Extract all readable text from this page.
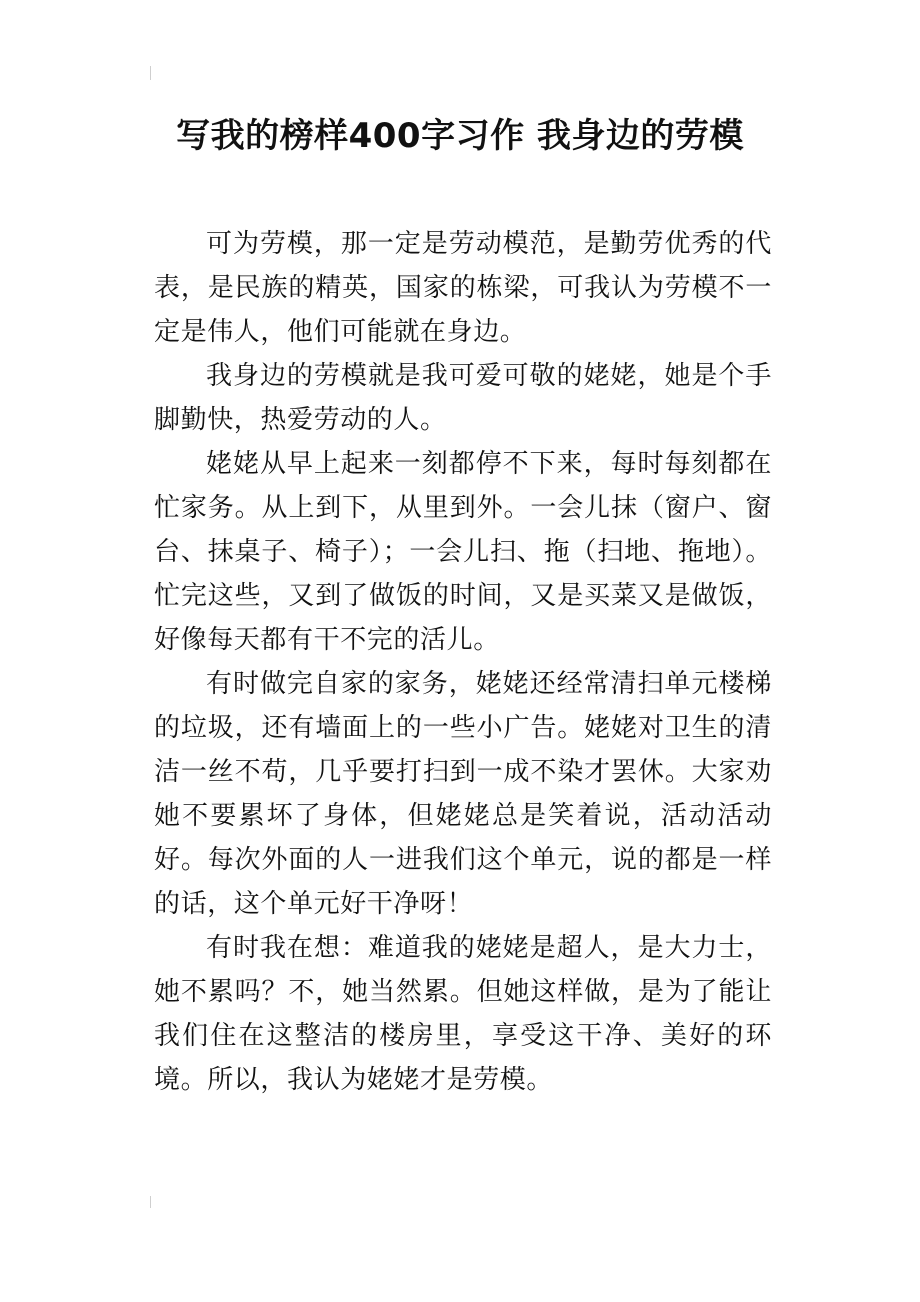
写我的榜样400字习作 我身边的劳模

可为劳模，那一定是劳动模范，是勤劳优秀的代表，是民族的精英，国家的栋梁，可我认为劳模不一定是伟人，他们可能就在身边。

我身边的劳模就是我可爱可敬的姥姥，她是个手脚勤快，热爱劳动的人。

姥姥从早上起来一刻都停不下来，每时每刻都在忙家务。从上到下，从里到外。一会儿抹（窗户、窗台、抹桌子、椅子）；一会儿扫、拖（扫地、拖地）。忙完这些，又到了做饭的时间，又是买菜又是做饭，好像每天都有干不完的活儿。

有时做完自家的家务，姥姥还经常清扫单元楼梯的垃圾，还有墙面上的一些小广告。姥姥对卫生的清洁一丝不苟，几乎要打扫到一成不染才罢休。大家劝她不要累坏了身体，但姥姥总是笑着说，活动活动好。每次外面的人一进我们这个单元，说的都是一样的话，这个单元好干净呀！

有时我在想：难道我的姥姥是超人，是大力士，她不累吗？不，她当然累。但她这样做，是为了能让我们住在这整洁的楼房里，享受这干净、美好的环境。所以，我认为姥姥才是劳模。
